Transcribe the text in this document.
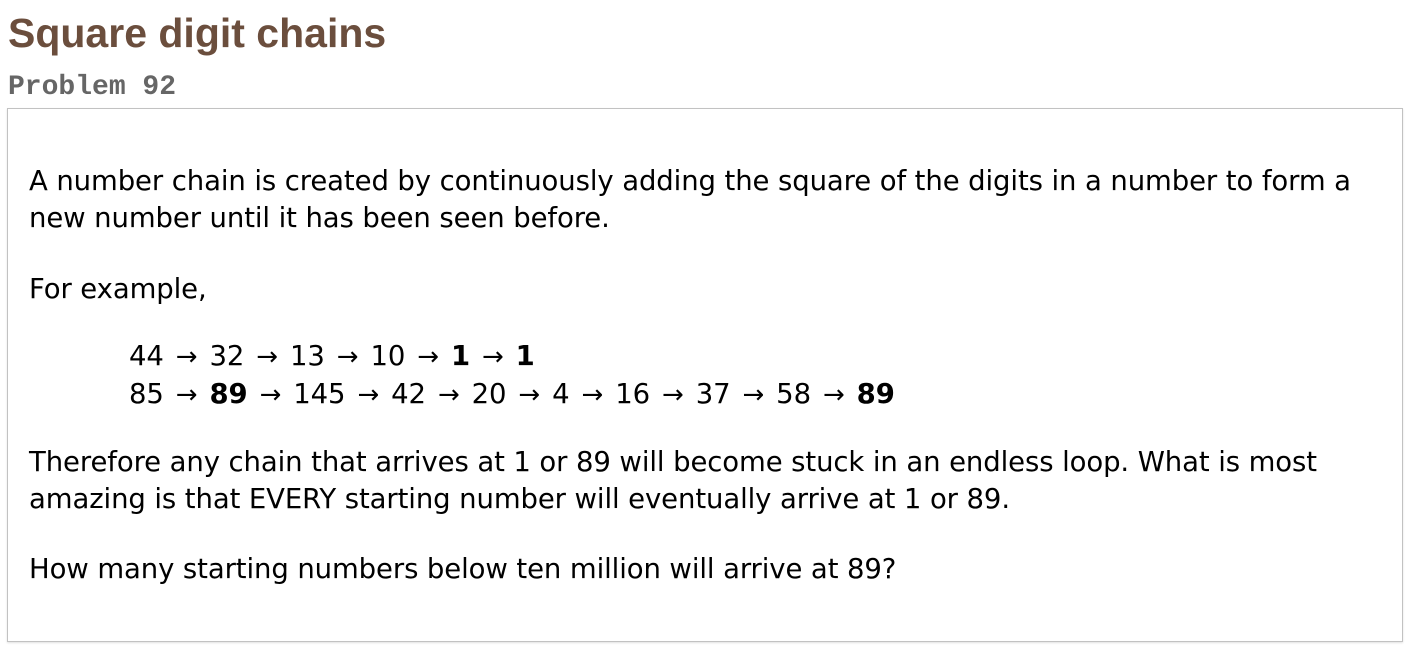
Square digit chains
Problem 92

A number chain is created by continuously adding the square of the digits in a number to form a new number until it has been seen before.

For example,

44 → 32 → 13 → 10 → 1 → 1
85 → 89 → 145 → 42 → 20 → 4 → 16 → 37 → 58 → 89

Therefore any chain that arrives at 1 or 89 will become stuck in an endless loop. What is most amazing is that EVERY starting number will eventually arrive at 1 or 89.

How many starting numbers below ten million will arrive at 89?
